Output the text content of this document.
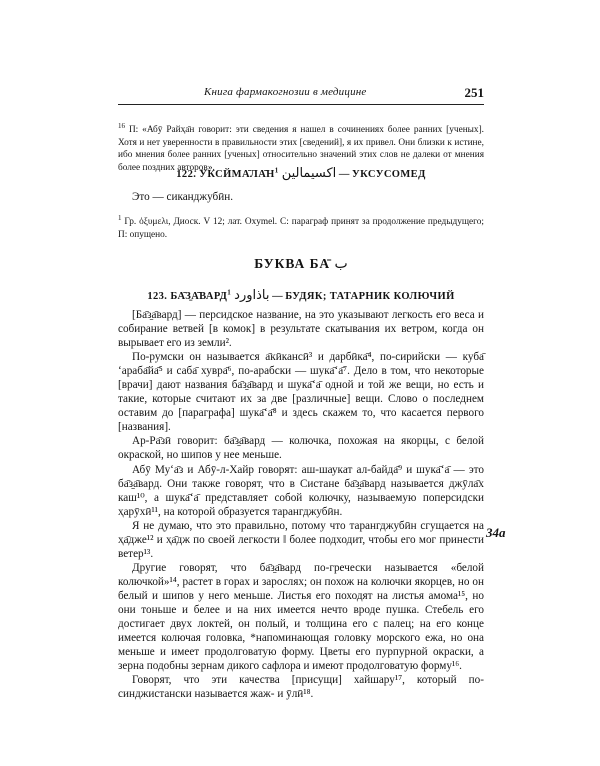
Книга фармакогнозии в медицине	251
$^{16}$ П: «Абӯ Райҳа̄н говорит: эти сведения я нашел в сочинениях более ранних [ученых]. Хотя и нет уверенности в правильности этих [сведений], я их привел. Они близки к истине, ибо мнения более ранних [ученых] относительно значений этих слов не далеки от мнения более поздних авторов».
122. $УКСЙМА̄ЛА̄Н^1$ اكسيمالين — УКСУСОМЕД
Это — сиканджубӣн.
$^1$ Гр. ὀξυμελι, Диоск. V 12; лат. Oxymel. С: параграф принят за продолжение предыдущего; П: опущено.
БУКВА БА̄ ب
123. БА̄З̱А̄ВАРД$^1$ باذاورد — БУДЯК; ТАТАРНИК КОЛЮЧИЙ

[Ба̄з̱а̄вард] — персидское название, на это указывают легкость его веса и собирание ветвей [в комок] в результате скатывания их ветром, когда он вырывает его из земли².

По-румски он называется а̄кӣкансӣ³ и дарбӣка̄⁴, по-сирийски — куба̄ ‘араба̄йа̄⁵ и саба̄ хувра̄⁶, по-арабски — шука̄‘а̄⁷. Дело в том, что некоторые [врачи] дают названия ба̄з̱а̄вард и шука̄‘а̄ одной и той же вещи, но есть и такие, которые считают их за две [различные] вещи. Слово о последнем оставим до [параграфа] шука̄‘а̄⁸ и здесь скажем то, что касается первого [названия].

Ар-Ра̄зӣ говорит: ба̄з̱а̄вард — колючка, похожая на якорцы, с белой окраской, но шипов у нее меньше.

Абӯ Му‘а̄з и Абӯ-л-Хайр говорят: аш-шаукат ал-байда̄⁹ и шука̄‘а̄ — это ба̄з̱а̄вард. Они также говорят, что в Систане ба̄з̱а̄вард называется джӯла̄х каш¹⁰, а шука̄‘а̄ представляет собой колючку, называемую поперсидски ҳарӯхӣ¹¹, на которой образуется тарангджубӣн.

Я не думаю, что это правильно, потому что тарангджубӣн сгущается на ҳа̄дже¹² и ҳа̄дж по своей легкости ‖ более подходит, чтобы его мог принести ветер¹³.

Другие говорят, что ба̄з̱а̄вард по-гречески называется «белой колючкой»¹⁴, растет в горах и зарослях; он похож на колючки якорцев, но он белый и шипов у него меньше. Листья его походят на листья амома¹⁵, но они тоньше и белее и на них имеется нечто вроде пушка. Стебель его достигает двух локтей, он полый, и толщина его с палец; на его конце имеется колючая головка, *напоминающая головку морского ежа, но она меньше и имеет продолговатую форму. Цветы его пурпурной окраски, а зерна подобны зернам дикого сафлора и имеют продолговатую форму¹⁶.

Говорят, что эти качества [присущи] хайшару¹⁷, который по-синджистански называется жаж- и ӯлӣ¹⁸.

34а
